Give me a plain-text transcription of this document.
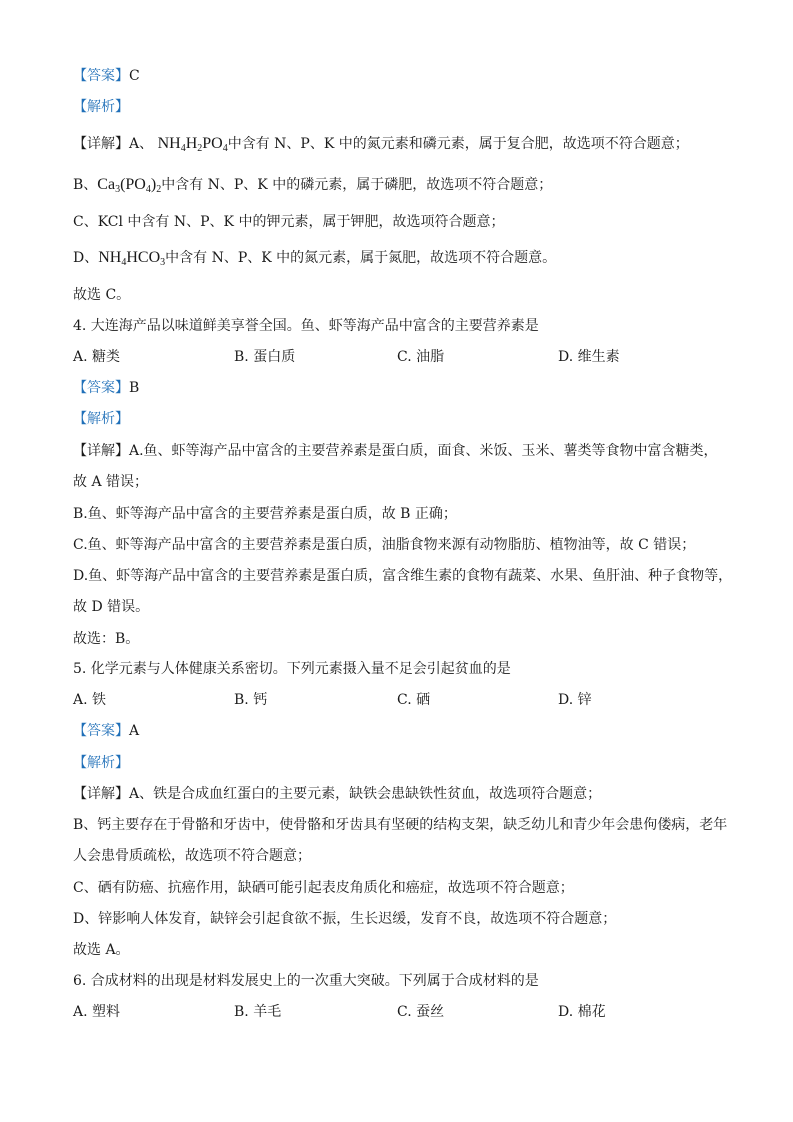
【答案】C
【解析】
【详解】A、 $NH_4H_2PO_4$中含有 N、P、K 中的氮元素和磷元素，属于复合肥，故选项不符合题意；
B、$Ca_3(PO_4)_2$中含有 N、P、K 中的磷元素，属于磷肥，故选项不符合题意；
C、KCl 中含有 N、P、K 中的钾元素，属于钾肥，故选项符合题意；
D、$NH_4HCO_3$中含有 N、P、K 中的氮元素，属于氮肥，故选项不符合题意。
故选 C。
4. 大连海产品以味道鲜美享誉全国。鱼、虾等海产品中富含的主要营养素是
A. 糖类	B. 蛋白质	C. 油脂	D. 维生素
【答案】B
【解析】
【详解】A.鱼、虾等海产品中富含的主要营养素是蛋白质，面食、米饭、玉米、薯类等食物中富含糖类，
故 A 错误；
B.鱼、虾等海产品中富含的主要营养素是蛋白质，故 B 正确；
C.鱼、虾等海产品中富含的主要营养素是蛋白质，油脂食物来源有动物脂肪、植物油等，故 C 错误；
D.鱼、虾等海产品中富含的主要营养素是蛋白质，富含维生素的食物有蔬菜、水果、鱼肝油、种子食物等，
故 D 错误。
故选：B。
5. 化学元素与人体健康关系密切。下列元素摄入量不足会引起贫血的是
A. 铁	B. 钙	C. 硒	D. 锌
【答案】A
【解析】
【详解】A、铁是合成血红蛋白的主要元素，缺铁会患缺铁性贫血，故选项符合题意；
B、钙主要存在于骨骼和牙齿中，使骨骼和牙齿具有坚硬的结构支架，缺乏幼儿和青少年会患佝偻病，老年
人会患骨质疏松，故选项不符合题意；
C、硒有防癌、抗癌作用，缺硒可能引起表皮角质化和癌症，故选项不符合题意；
D、锌影响人体发育，缺锌会引起食欲不振，生长迟缓，发育不良，故选项不符合题意；
故选 A。
6. 合成材料的出现是材料发展史上的一次重大突破。下列属于合成材料的是
A. 塑料	B. 羊毛	C. 蚕丝	D. 棉花
